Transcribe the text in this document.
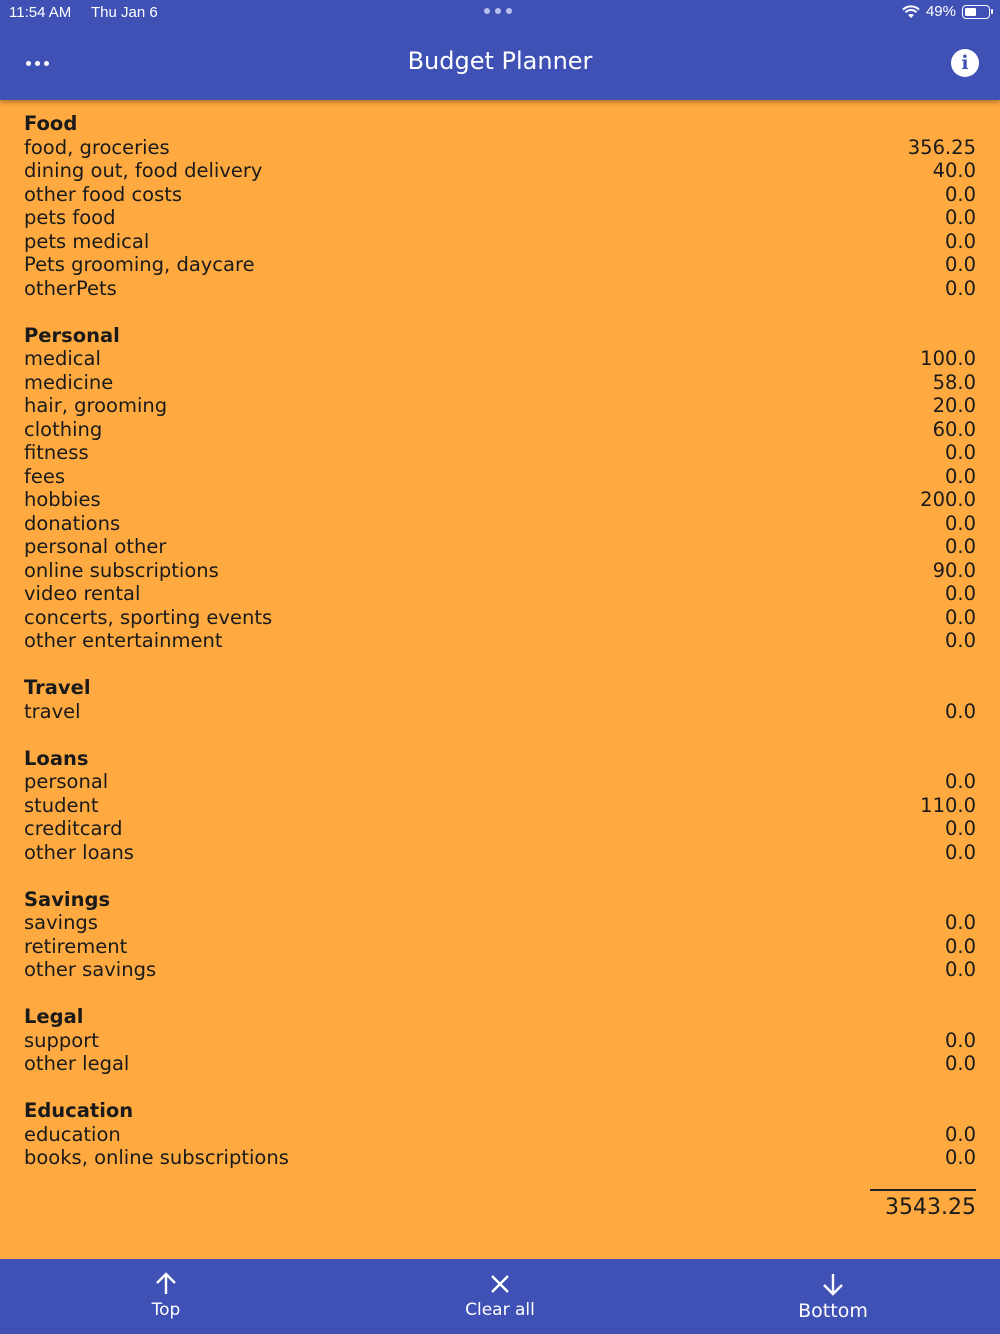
11:54 AM Thu Jan 6	49%
Budget Planner	i
Food
food, groceries	356.25
dining out, food delivery	40.0
other food costs	0.0
pets food	0.0
pets medical	0.0
Pets grooming, daycare	0.0
otherPets	0.0
Personal
medical	100.0
medicine	58.0
hair, grooming	20.0
clothing	60.0
fitness	0.0
fees	0.0
hobbies	200.0
donations	0.0
personal other	0.0
online subscriptions	90.0
video rental	0.0
concerts, sporting events	0.0
other entertainment	0.0
Travel
travel	0.0
Loans
personal	0.0
student	110.0
creditcard	0.0
other loans	0.0
Savings
savings	0.0
retirement	0.0
other savings	0.0
Legal
support	0.0
other legal	0.0
Education
education	0.0
books, online subscriptions	0.0
3543.25
Top	Clear all	Bottom
